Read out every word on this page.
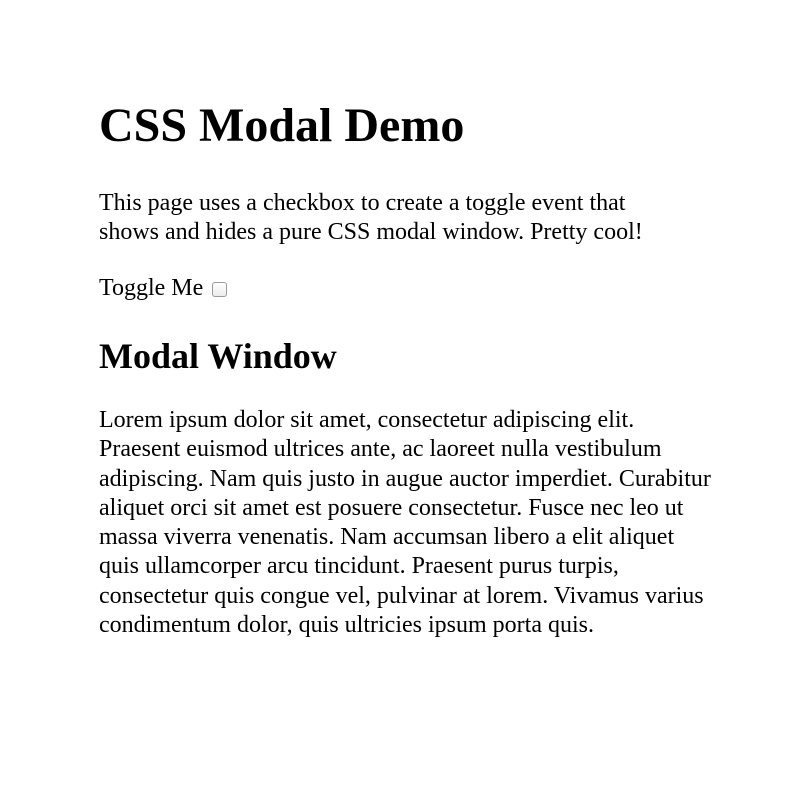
CSS Modal Demo

This page uses a checkbox to create a toggle event that shows and hides a pure CSS modal window. Pretty cool!

Toggle Me
Modal Window

Lorem ipsum dolor sit amet, consectetur adipiscing elit. Praesent euismod ultrices ante, ac laoreet nulla vestibulum adipiscing. Nam quis justo in augue auctor imperdiet. Curabitur aliquet orci sit amet est posuere consectetur. Fusce nec leo ut massa viverra venenatis. Nam accumsan libero a elit aliquet quis ullamcorper arcu tincidunt. Praesent purus turpis, consectetur quis congue vel, pulvinar at lorem. Vivamus varius condimentum dolor, quis ultricies ipsum porta quis.
